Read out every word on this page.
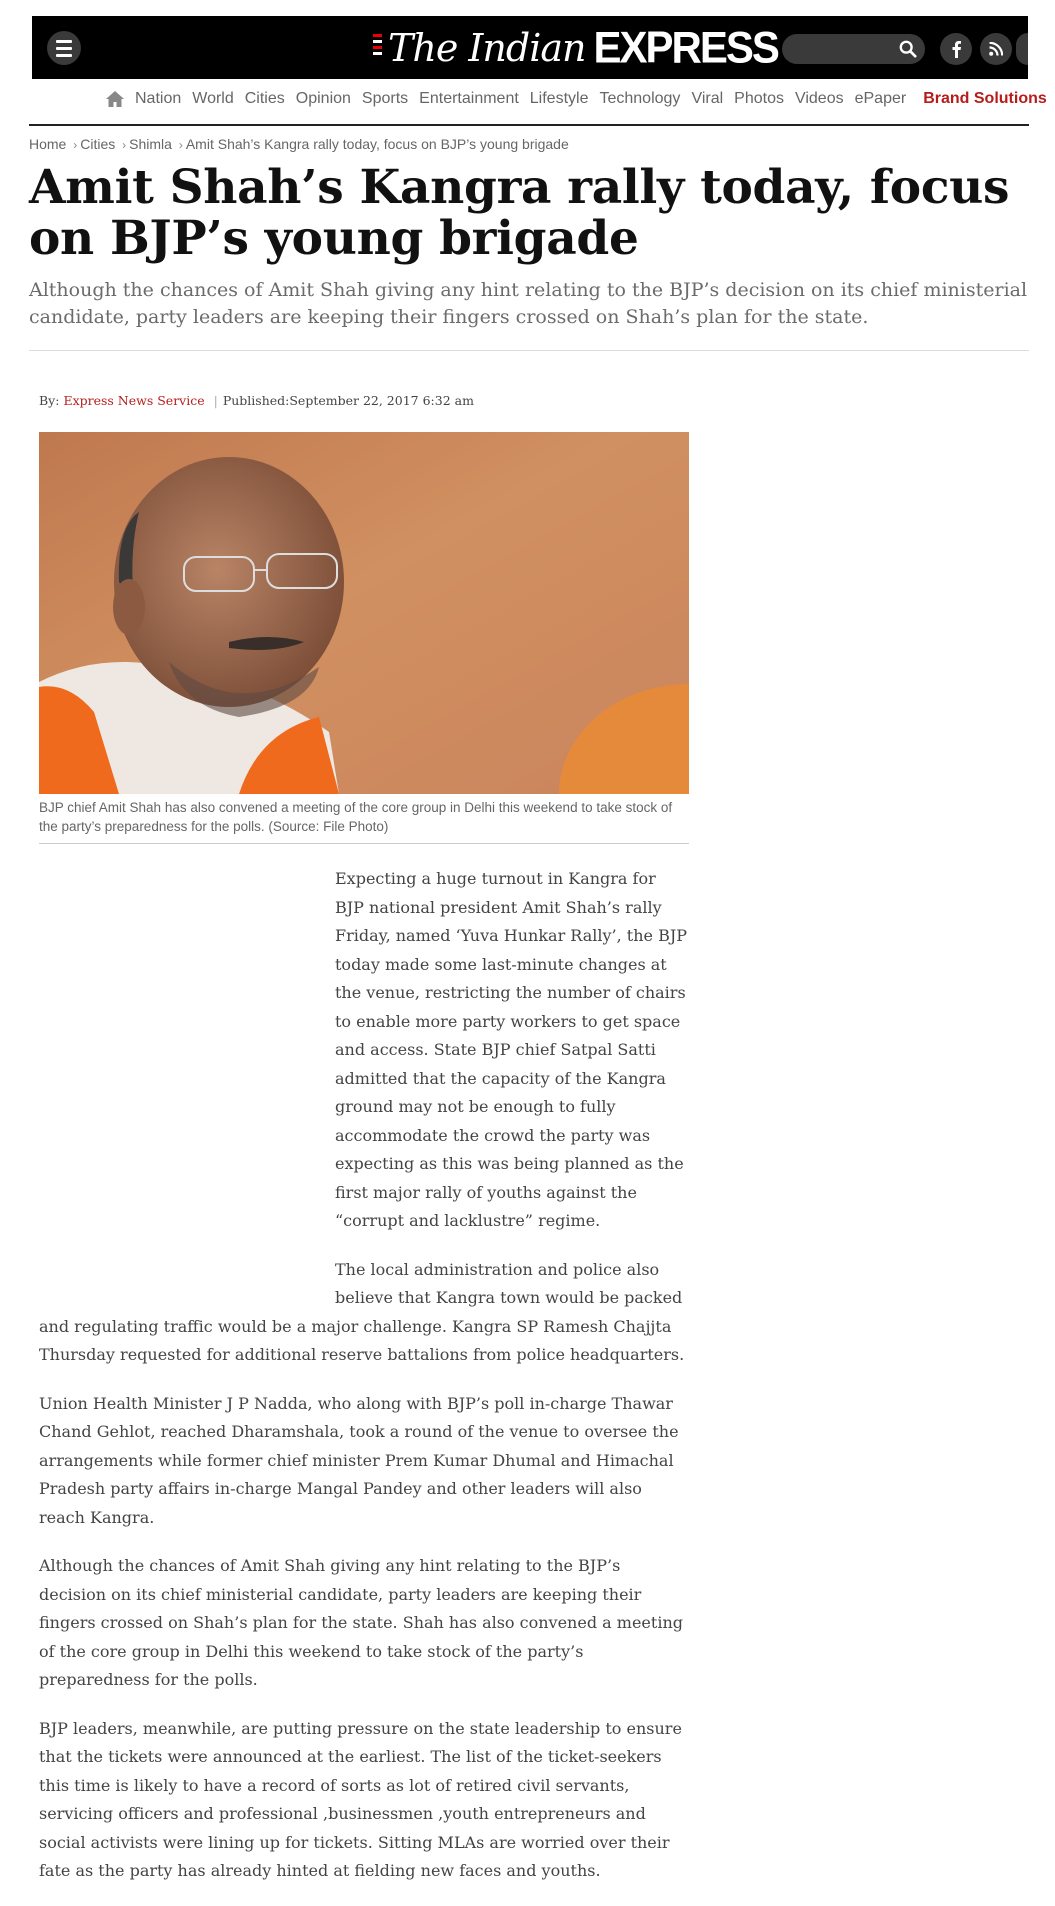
The Indian EXPRESS
Nation World Cities Opinion Sports Entertainment Lifestyle Technology Viral Photos Videos ePaper Brand Solutions
Home › Cities › Shimla › Amit Shah’s Kangra rally today, focus on BJP’s young brigade
Amit Shah’s Kangra rally today, focus on BJP’s young brigade
Although the chances of Amit Shah giving any hint relating to the BJP’s decision on its chief ministerial candidate, party leaders are keeping their fingers crossed on Shah’s plan for the state.
By: Express News Service | Published:September 22, 2017 6:32 am

BJP chief Amit Shah has also convened a meeting of the core group in Delhi this weekend to take stock of the party’s preparedness for the polls. (Source: File Photo)

Expecting a huge turnout in Kangra for BJP national president Amit Shah’s rally Friday, named ‘Yuva Hunkar Rally’, the BJP today made some last-minute changes at the venue, restricting the number of chairs to enable more party workers to get space and access. State BJP chief Satpal Satti admitted that the capacity of the Kangra ground may not be enough to fully accommodate the crowd the party was expecting as this was being planned as the first major rally of youths against the “corrupt and lacklustre” regime.

The local administration and police also believe that Kangra town would be packed and regulating traffic would be a major challenge. Kangra SP Ramesh Chajjta Thursday requested for additional reserve battalions from police headquarters.

Union Health Minister J P Nadda, who along with BJP’s poll in-charge Thawar Chand Gehlot, reached Dharamshala, took a round of the venue to oversee the arrangements while former chief minister Prem Kumar Dhumal and Himachal Pradesh party affairs in-charge Mangal Pandey and other leaders will also reach Kangra.

Although the chances of Amit Shah giving any hint relating to the BJP’s decision on its chief ministerial candidate, party leaders are keeping their fingers crossed on Shah’s plan for the state. Shah has also convened a meeting of the core group in Delhi this weekend to take stock of the party’s preparedness for the polls.

BJP leaders, meanwhile, are putting pressure on the state leadership to ensure that the tickets were announced at the earliest. The list of the ticket-seekers this time is likely to have a record of sorts as lot of retired civil servants, servicing officers and professional ,businessmen ,youth entrepreneurs and social activists were lining up for tickets. Sitting MLAs are worried over their fate as the party has already hinted at fielding new faces and youths.
